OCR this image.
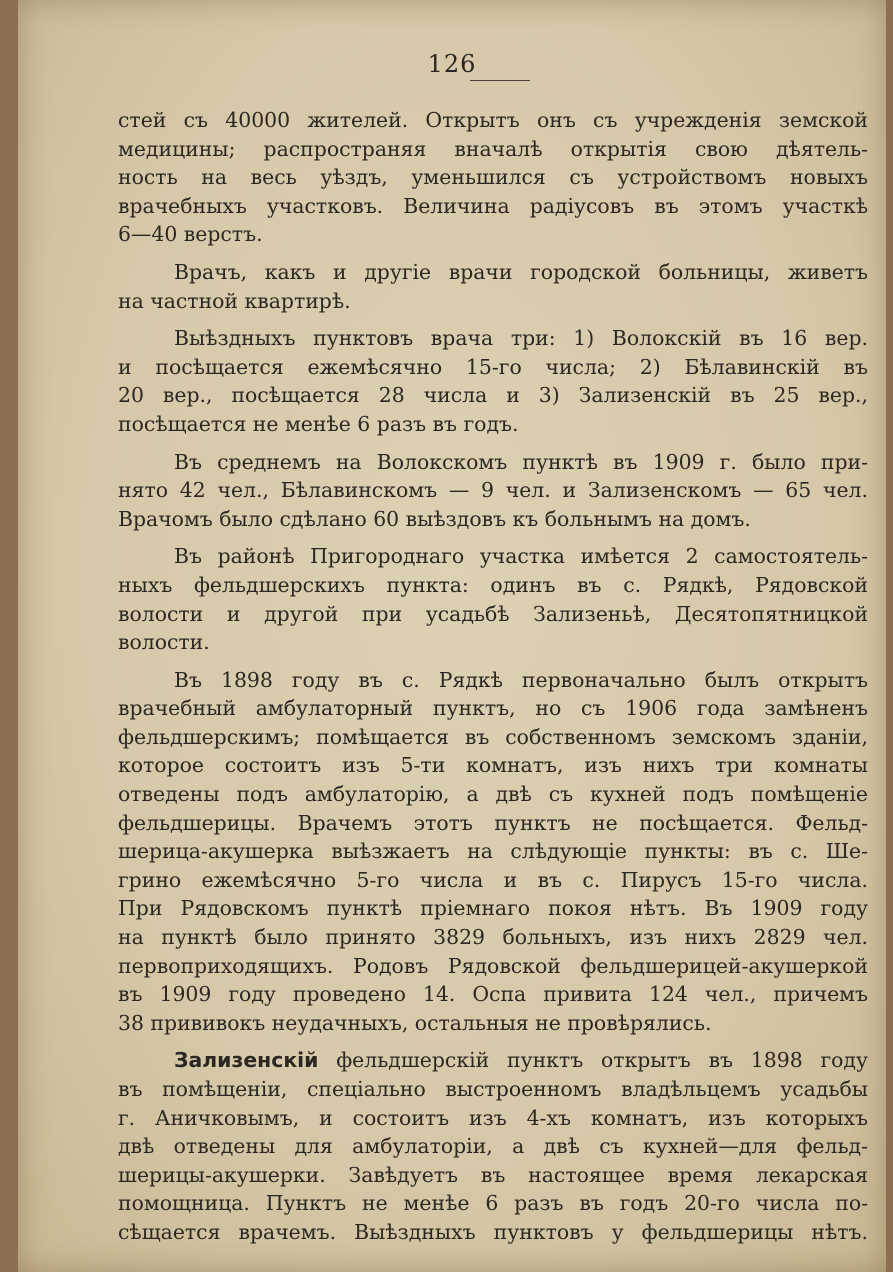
126
стей съ 40000 жителей. Открытъ онъ съ учрежденія земской
медицины; распространяя вначалѣ открытія свою дѣятель-
ность на весь уѣздъ, уменьшился съ устройствомъ новыхъ
врачебныхъ участковъ. Величина радіусовъ въ этомъ участкѣ
6—40 верстъ.
Врачъ, какъ и другіе врачи городской больницы, живетъ
на частной квартирѣ.
Выѣздныхъ пунктовъ врача три: 1) Волокскій въ 16 вер.
и посѣщается ежемѣсячно 15-го числа; 2) Бѣлавинскій въ
20 вер., посѣщается 28 числа и 3) Зализенскій въ 25 вер.,
посѣщается не менѣе 6 разъ въ годъ.
Въ среднемъ на Волокскомъ пунктѣ въ 1909 г. было при-
нято 42 чел., Бѣлавинскомъ — 9 чел. и Зализенскомъ — 65 чел.
Врачомъ было сдѣлано 60 выѣздовъ къ больнымъ на домъ.
Въ районѣ Пригороднаго участка имѣется 2 самостоятель-
ныхъ фельдшерскихъ пункта: одинъ въ с. Рядкѣ, Рядовской
волости и другой при усадьбѣ Зализеньѣ, Десятопятницкой
волости.
Въ 1898 году въ с. Рядкѣ первоначально былъ открытъ
врачебный амбулаторный пунктъ, но съ 1906 года замѣненъ
фельдшерскимъ; помѣщается въ собственномъ земскомъ зданіи,
которое состоитъ изъ 5-ти комнатъ, изъ нихъ три комнаты
отведены подъ амбулаторію, а двѣ съ кухней подъ помѣщеніе
фельдшерицы. Врачемъ этотъ пунктъ не посѣщается. Фельд-
шерица-акушерка выѣзжаетъ на слѣдующіе пункты: въ с. Ше-
грино ежемѣсячно 5-го числа и въ с. Пирусъ 15-го числа.
При Рядовскомъ пунктѣ пріемнаго покоя нѣтъ. Въ 1909 году
на пунктѣ было принято 3829 больныхъ, изъ нихъ 2829 чел.
первоприходящихъ. Родовъ Рядовской фельдшерицей-акушеркой
въ 1909 году проведено 14. Оспа привита 124 чел., причемъ
38 прививокъ неудачныхъ, остальныя не провѣрялись.
Зализенскій фельдшерскій пунктъ открытъ въ 1898 году
въ помѣщеніи, спеціально выстроенномъ владѣльцемъ усадьбы
г. Аничковымъ, и состоитъ изъ 4-хъ комнатъ, изъ которыхъ
двѣ отведены для амбулаторіи, а двѣ съ кухней—для фельд-
шерицы-акушерки. Завѣдуетъ въ настоящее время лекарская
помощница. Пунктъ не менѣе 6 разъ въ годъ 20-го числа по-
сѣщается врачемъ. Выѣздныхъ пунктовъ у фельдшерицы нѣтъ.
